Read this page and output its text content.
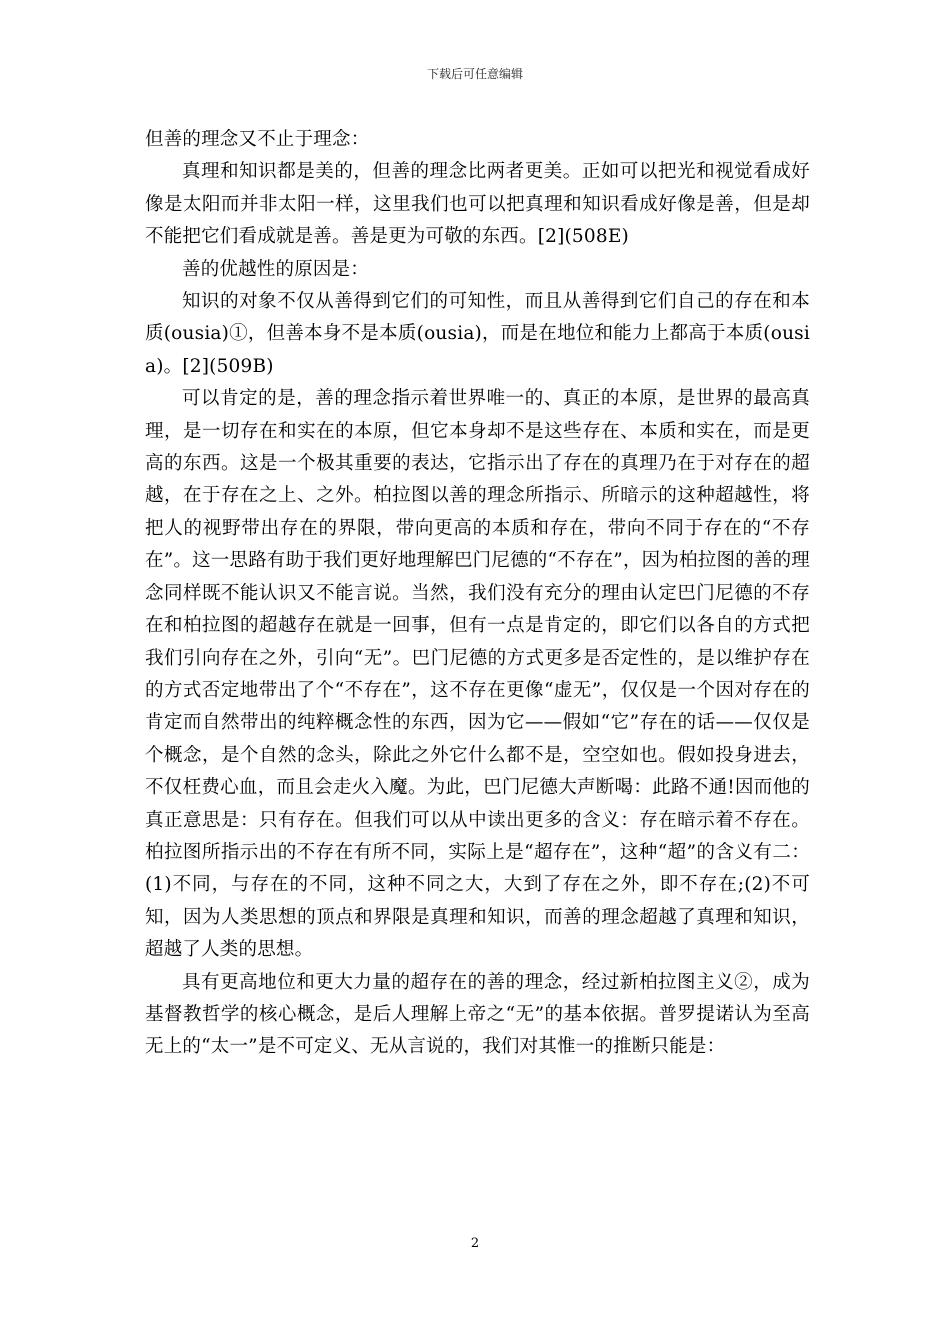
下载后可任意编辑

但善的理念又不止于理念：

真理和知识都是美的，但善的理念比两者更美。正如可以把光和视觉看成好像是太阳而并非太阳一样，这里我们也可以把真理和知识看成好像是善，但是却不能把它们看成就是善。善是更为可敬的东西。[2](508E)

善的优越性的原因是：

知识的对象不仅从善得到它们的可知性，而且从善得到它们自己的存在和本质(ousia)①，但善本身不是本质(ousia)，而是在地位和能力上都高于本质(ousia)。[2](509B)

可以肯定的是，善的理念指示着世界唯一的、真正的本原，是世界的最高真理，是一切存在和实在的本原，但它本身却不是这些存在、本质和实在，而是更高的东西。这是一个极其重要的表达，它指示出了存在的真理乃在于对存在的超越，在于存在之上、之外。柏拉图以善的理念所指示、所暗示的这种超越性，将把人的视野带出存在的界限，带向更高的本质和存在，带向不同于存在的“不存在”。这一思路有助于我们更好地理解巴门尼德的“不存在”，因为柏拉图的善的理念同样既不能认识又不能言说。当然，我们没有充分的理由认定巴门尼德的不存在和柏拉图的超越存在就是一回事，但有一点是肯定的，即它们以各自的方式把我们引向存在之外，引向“无”。巴门尼德的方式更多是否定性的，是以维护存在的方式否定地带出了个“不存在”，这不存在更像“虚无”，仅仅是一个因对存在的肯定而自然带出的纯粹概念性的东西，因为它——假如“它”存在的话——仅仅是个概念，是个自然的念头，除此之外它什么都不是，空空如也。假如投身进去，不仅枉费心血，而且会走火入魔。为此，巴门尼德大声断喝：此路不通!因而他的真正意思是：只有存在。但我们可以从中读出更多的含义：存在暗示着不存在。柏拉图所指示出的不存在有所不同，实际上是“超存在”，这种“超”的含义有二：(1)不同，与存在的不同，这种不同之大，大到了存在之外，即不存在;(2)不可知，因为人类思想的顶点和界限是真理和知识，而善的理念超越了真理和知识，超越了人类的思想。

具有更高地位和更大力量的超存在的善的理念，经过新柏拉图主义②，成为基督教哲学的核心概念，是后人理解上帝之“无”的基本依据。普罗提诺认为至高无上的“太一”是不可定义、无从言说的，我们对其惟一的推断只能是：

2
